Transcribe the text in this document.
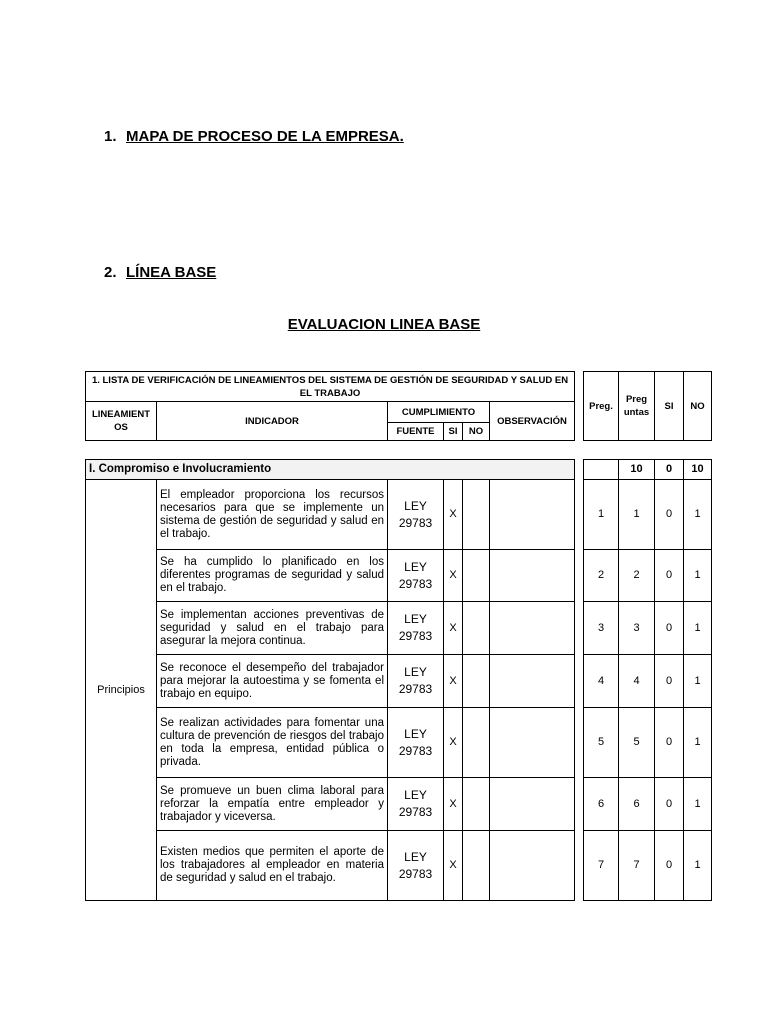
1. MAPA DE PROCESO DE LA EMPRESA.
2. LÍNEA BASE
EVALUACION LINEA BASE
1. LISTA DE VERIFICACIÓN DE LINEAMIENTOS DEL SISTEMA DE GESTIÓN DE SEGURIDAD Y SALUD EN EL TRABAJO					
LINEAMIENT OS	INDICADOR	CUMPLIMIENTO			OBSERVACIÓN
		FUENTE	SI	NO	
Preg.	Preg untas	SI	NO
I. Compromiso e Involucramiento					
Principios	El empleador proporciona los recursos necesarios para que se implemente un sistema de gestión de seguridad y salud en el trabajo.	LEY 29783	X		
	Se ha cumplido lo planificado en los diferentes programas de seguridad y salud en el trabajo.	LEY 29783	X		
	Se implementan acciones preventivas de seguridad y salud en el trabajo para asegurar la mejora continua.	LEY 29783	X		
	Se reconoce el desempeño del trabajador para mejorar la autoestima y se fomenta el trabajo en equipo.	LEY 29783	X		
	Se realizan actividades para fomentar una cultura de prevención de riesgos del trabajo en toda la empresa, entidad pública o privada.	LEY 29783	X		
	Se promueve un buen clima laboral para reforzar la empatía entre empleador y trabajador y viceversa.	LEY 29783	X		
	Existen medios que permiten el aporte de los trabajadores al empleador en materia de seguridad y salud en el trabajo.	LEY 29783	X		
	10	0	10
1	1	0	1
2	2	0	1
3	3	0	1
4	4	0	1
5	5	0	1
6	6	0	1
7	7	0	1
